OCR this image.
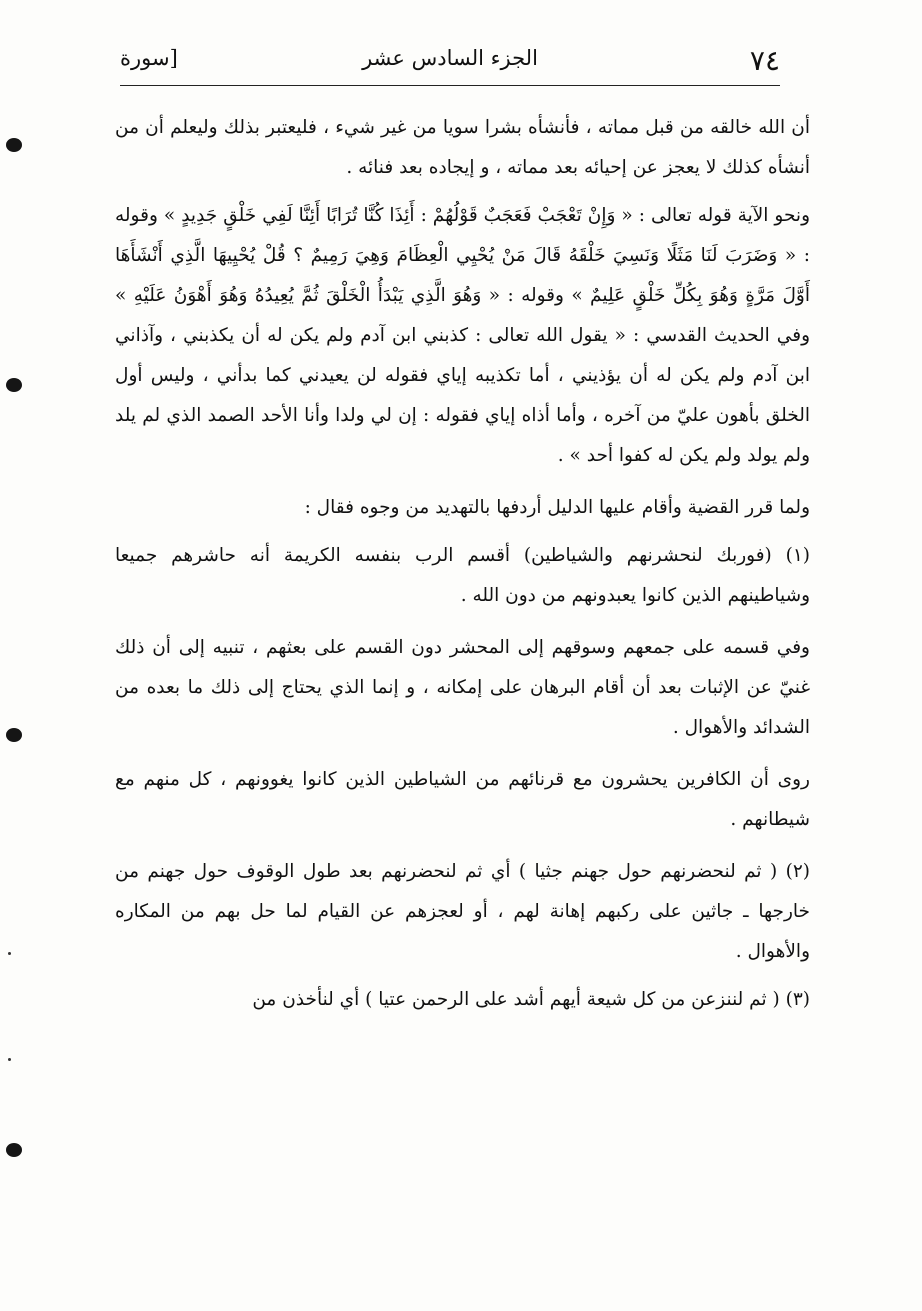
٧٤
الجزء السادس عشر
[سورة

أن الله خالقه من قبل مماته ، فأنشأه بشرا سويا من غير شيء ، فليعتبر بذلك وليعلم أن من أنشأه كذلك لا يعجز عن إحيائه بعد مماته ، و إيجاده بعد فنائه .

ونحو الآية قوله تعالى : « وَإِنْ تَعْجَبْ فَعَجَبٌ قَوْلُهُمْ : أَئِذَا كُنَّا تُرَابًا أَئِنَّا لَفِي خَلْقٍ جَدِيدٍ » وقوله : « وَضَرَبَ لَنَا مَثَلًا وَنَسِيَ خَلْقَهُ قَالَ مَنْ يُحْيِي الْعِظَامَ وَهِيَ رَمِيمٌ ؟ قُلْ يُحْيِيهَا الَّذِي أَنْشَأَهَا أَوَّلَ مَرَّةٍ وَهُوَ بِكُلِّ خَلْقٍ عَلِيمٌ » وقوله : « وَهُوَ الَّذِي يَبْدَأُ الْخَلْقَ ثُمَّ يُعِيدُهُ وَهُوَ أَهْوَنُ عَلَيْهِ » وفي الحديث القدسي : « يقول الله تعالى : كذبني ابن آدم ولم يكن له أن يكذبني ، وآذاني ابن آدم ولم يكن له أن يؤذيني ، أما تكذيبه إياي فقوله لن يعيدني كما بدأني ، وليس أول الخلق بأهون عليّ من آخره ، وأما أذاه إياي فقوله : إن لي ولدا وأنا الأحد الصمد الذي لم يلد ولم يولد ولم يكن له كفوا أحد » .

ولما قرر القضية وأقام عليها الدليل أردفها بالتهديد من وجوه فقال :

(١) (فوربك لنحشرنهم والشياطين) أقسم الرب بنفسه الكريمة أنه حاشرهم جميعا وشياطينهم الذين كانوا يعبدونهم من دون الله .

وفي قسمه على جمعهم وسوقهم إلى المحشر دون القسم على بعثهم ، تنبيه إلى أن ذلك غنيّ عن الإثبات بعد أن أقام البرهان على إمكانه ، و إنما الذي يحتاج إلى ذلك ما بعده من الشدائد والأهوال .

روى أن الكافرين يحشرون مع قرنائهم من الشياطين الذين كانوا يغوونهم ، كل منهم مع شيطانهم .

(٢) ( ثم لنحضرنهم حول جهنم جثيا ) أي ثم لنحضرنهم بعد طول الوقوف حول جهنم من خارجها ـ جاثين على ركبهم إهانة لهم ، أو لعجزهم عن القيام لما حل بهم من المكاره والأهوال .

(٣) ( ثم لننزعن من كل شيعة أيهم أشد على الرحمن عتيا ) أي لنأخذن من
